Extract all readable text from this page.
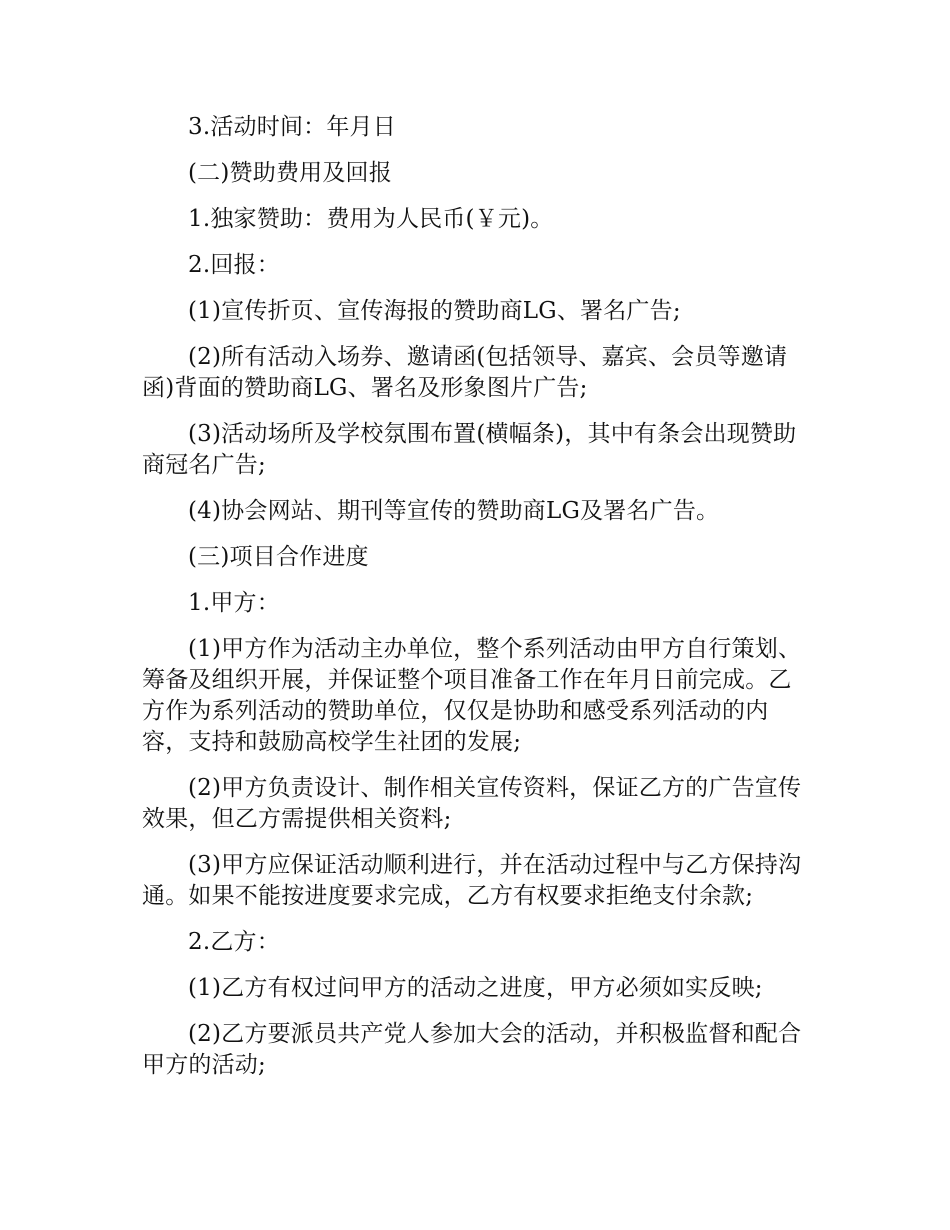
3.活动时间：年月日

(二)赞助费用及回报

1.独家赞助：费用为人民币(￥元)。

2.回报：

(1)宣传折页、宣传海报的赞助商LG、署名广告;

(2)所有活动入场券、邀请函(包括领导、嘉宾、会员等邀请函)背面的赞助商LG、署名及形象图片广告;

(3)活动场所及学校氛围布置(横幅条)，其中有条会出现赞助商冠名广告;

(4)协会网站、期刊等宣传的赞助商LG及署名广告。

(三)项目合作进度

1.甲方：

(1)甲方作为活动主办单位，整个系列活动由甲方自行策划、筹备及组织开展，并保证整个项目准备工作在年月日前完成。乙方作为系列活动的赞助单位，仅仅是协助和感受系列活动的内容，支持和鼓励高校学生社团的发展;

(2)甲方负责设计、制作相关宣传资料，保证乙方的广告宣传效果，但乙方需提供相关资料;

(3)甲方应保证活动顺利进行，并在活动过程中与乙方保持沟通。如果不能按进度要求完成，乙方有权要求拒绝支付余款;

2.乙方：

(1)乙方有权过问甲方的活动之进度，甲方必须如实反映;

(2)乙方要派员共产党人参加大会的活动，并积极监督和配合甲方的活动;
